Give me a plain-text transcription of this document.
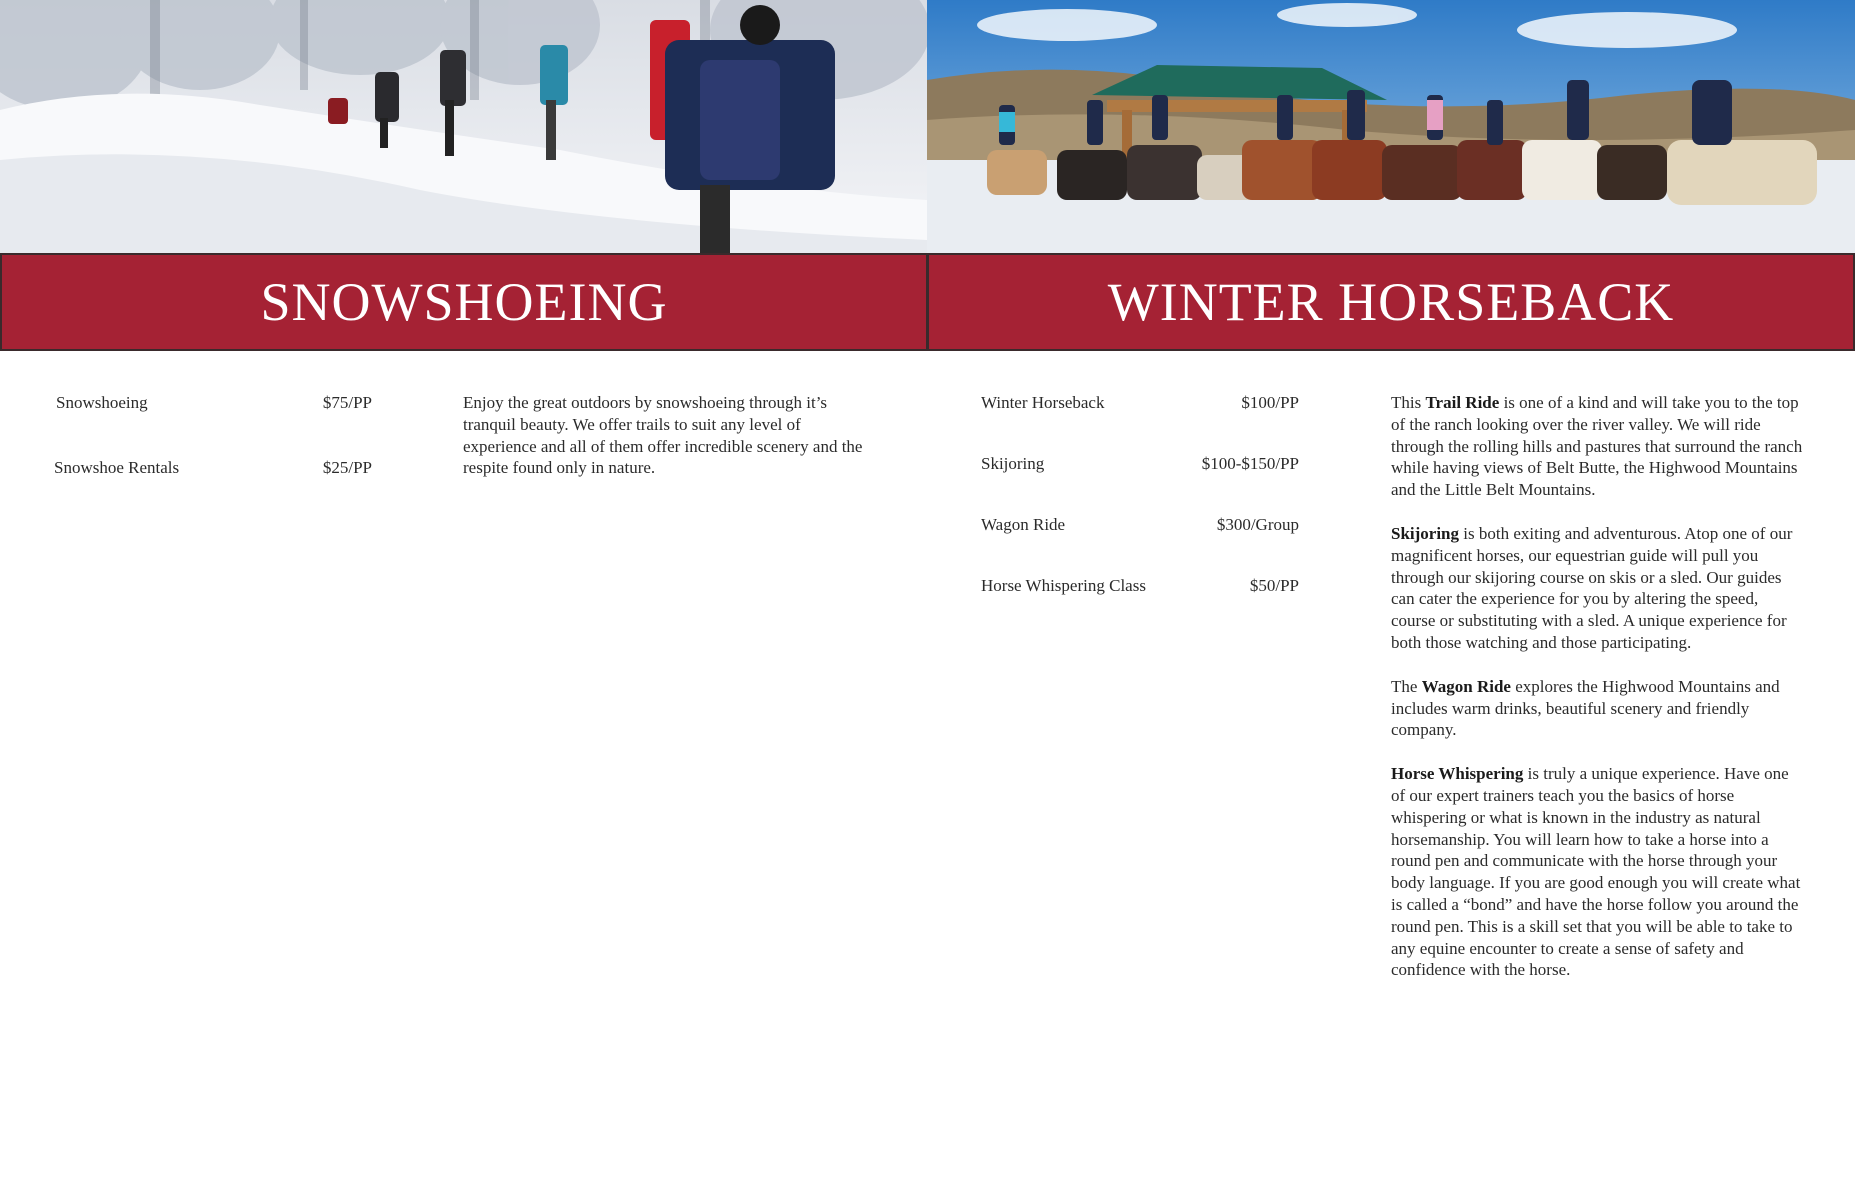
SNOWSHOEING	WINTER HORSEBACK
Snowshoeing	$75/PP
Snowshoe Rentals	$25/PP

Enjoy the great outdoors by snowshoeing through it’s tranquil beauty. We offer trails to suit any level of experience and all of them offer incredible scenery and the respite found only in nature.

Winter Horseback	$100/PP
Skijoring	$100-$150/PP
Wagon Ride	$300/Group
Horse Whispering Class	$50/PP

This Trail Ride is one of a kind and will take you to the top of the ranch looking over the river valley. We will ride through the rolling hills and pastures that surround the ranch while having views of Belt Butte, the Highwood Mountains and the Little Belt Mountains.

Skijoring is both exiting and adventurous. Atop one of our magnificent horses, our equestrian guide will pull you through our skijoring course on skis or a sled. Our guides can cater the experience for you by altering the speed, course or substituting with a sled. A unique experience for both those watching and those participating.

The Wagon Ride explores the Highwood Mountains and includes warm drinks, beautiful scenery and friendly company.

Horse Whispering is truly a unique experience. Have one of our expert trainers teach you the basics of horse whispering or what is known in the industry as natural horsemanship. You will learn how to take a horse into a round pen and communicate with the horse through your body language. If you are good enough you will create what is called a “bond” and have the horse follow you around the round pen. This is a skill set that you will be able to take to any equine encounter to create a sense of safety and confidence with the horse.
